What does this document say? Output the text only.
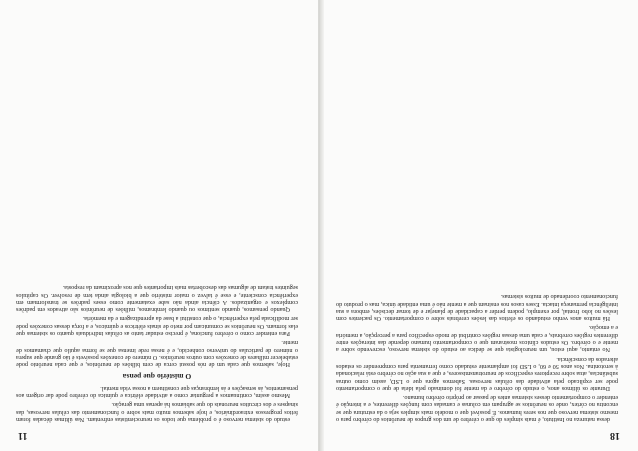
18

dessa natureza no Instituto, é mais simples do que o cérebro de um dos grupos de neurônios do cérebro para o mesmo sistema nervoso que nos seres humanos. É possível que o modelo mais simples seja o da estrutura que se encontra no córtex, onde os neurônios se agrupam em colunas e camadas com funções diferentes, e a intenção é entender o comportamento desses sistemas antes de passar ao próprio cérebro humano.

Durante os últimos anos, o estudo do cérebro e da mente foi dominado pela ideia de que o comportamento pode ser explicado pela atividade das células nervosas. Sabemos agora que o LSD, assim como outras substâncias, atua sobre receptores específicos de neurotransmissores, e que a sua ação no cérebro está relacionada à serotonina. Nos anos 50 e 60, o LSD foi amplamente estudado como ferramenta para compreender os estados alterados da consciência.

No entanto, aqui estou, um neurologista que se dedica ao estudo do sistema nervoso, escrevendo sobre a mente e o cérebro. Os estudos clínicos mostraram que o comportamento humano depende das interações entre diferentes regiões cerebrais, e cada uma dessas regiões contribui de modo específico para a percepção, a memória e a emoção.

Há muitos anos venho estudando os efeitos das lesões cerebrais sobre o comportamento. Os pacientes com lesões no lobo frontal, por exemplo, podem perder a capacidade de planejar e de tomar decisões, embora a sua inteligência permaneça intacta. Esses casos nos ensinam que a mente não é uma entidade única, mas o produto do funcionamento coordenado de muitos sistemas.

11

estudo do sistema nervoso é o problema que todos os neurocientistas enfrentam. Nas últimas décadas foram feitos progressos extraordinários, e hoje sabemos muito mais sobre o funcionamento das células nervosas, das sinapses e dos circuitos neuronais do que sabíamos há apenas uma geração.

Mesmo assim, continuamos a perguntar como a atividade elétrica e química do cérebro pode dar origem aos pensamentos, às sensações e às lembranças que constituem a nossa vida mental.

O mistério que pensa

Hoje, sabemos que cada um de nós possui cerca de cem bilhões de neurônios, e que cada neurônio pode estabelecer milhares de conexões com outros neurônios. O número de conexões possíveis é tão grande que supera o número de partículas do universo conhecido, e é nessa rede imensa que se forma aquilo que chamamos de mente.

Para entender como o cérebro funciona, é preciso estudar tanto as células individuais quanto os sistemas que elas formam. Os neurônios se comunicam por meio de sinais elétricos e químicos, e a força dessas conexões pode ser modificada pela experiência, o que constitui a base da aprendizagem e da memória.

Quando pensamos, quando sentimos ou quando lembramos, milhões de neurônios são ativados em padrões complexos e organizados. A ciência ainda não sabe exatamente como esses padrões se transformam em experiência consciente, e esse é talvez o maior mistério que a biologia ainda tem de resolver. Os capítulos seguintes tratam de algumas das descobertas mais importantes que nos aproximam da resposta.
